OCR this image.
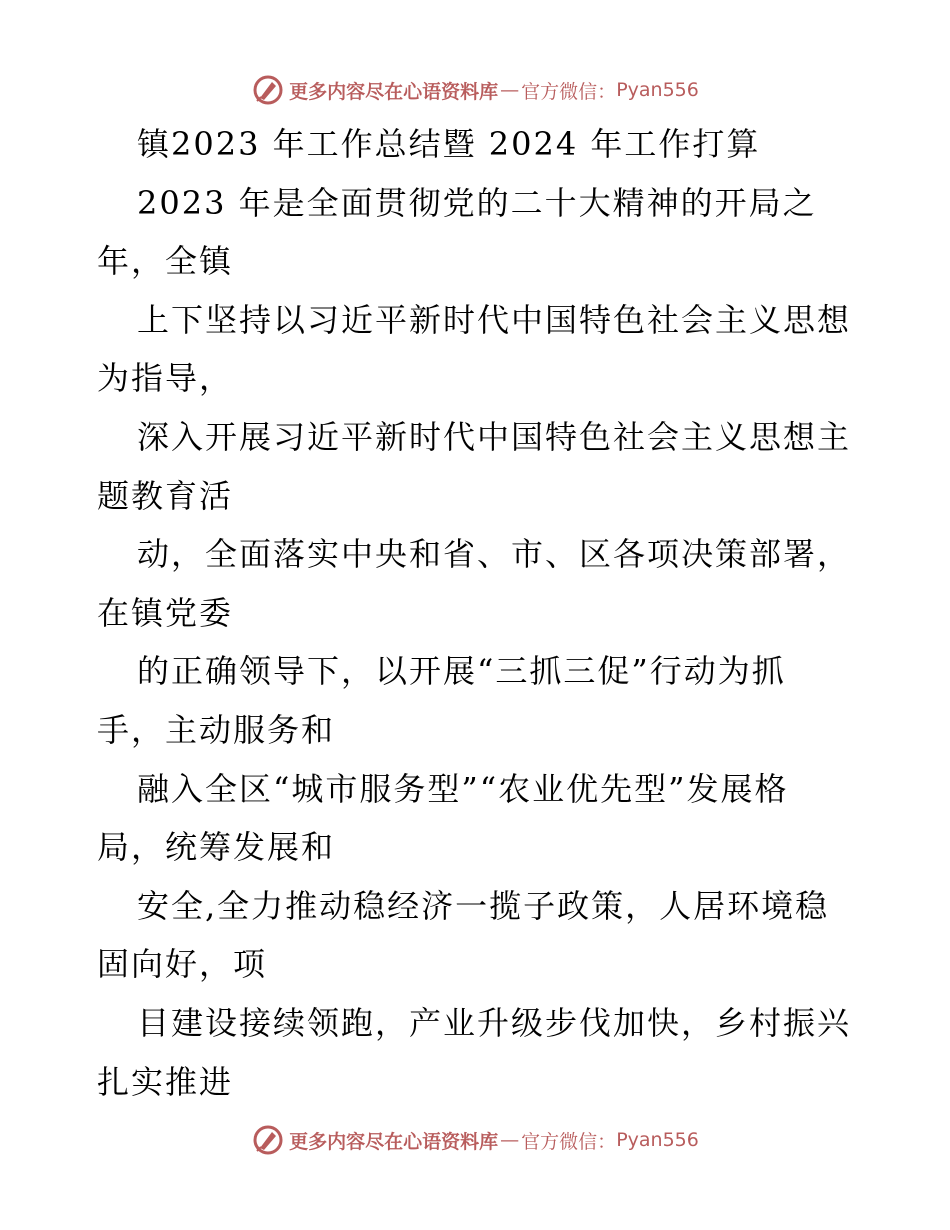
更多内容尽在心语资料库 — 官方微信： Pyan556
镇2023 年工作总结暨 2024 年工作打算
2023 年是全面贯彻党的二十大精神的开局之
年，全镇
上下坚持以习近平新时代中国特色社会主义思想
为指导，
深入开展习近平新时代中国特色社会主义思想主
题教育活
动，全面落实中央和省、市、区各项决策部署，
在镇党委
的正确领导下，以开展“三抓三促”行动为抓
手，主动服务和
融入全区“城市服务型”“农业优先型”发展格
局，统筹发展和
安全,全力推动稳经济一揽子政策，人居环境稳
固向好，项
目建设接续领跑，产业升级步伐加快，乡村振兴
扎实推进
更多内容尽在心语资料库 — 官方微信： Pyan556
